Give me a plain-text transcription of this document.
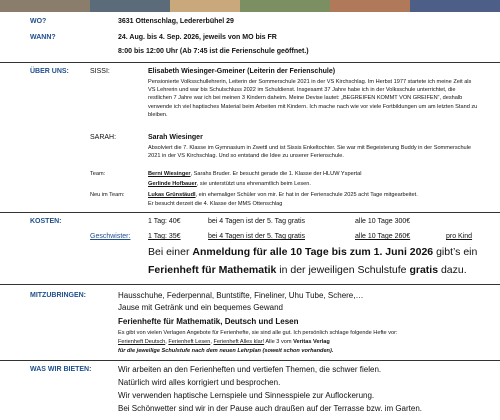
WO?	3631 Ottenschlag, Ledererbühel 29
WANN?	24. Aug. bis 4. Sep. 2026, jeweils von MO bis FR
8:00 bis 12:00 Uhr (Ab 7:45 ist die Ferienschule geöffnet.)
ÜBER UNS:	SISSI:	Elisabeth Wiesinger-Gmeiner (Leiterin der Ferienschule)
Pensionierte Volksschullehrerin, Leiterin der Sommerschule 2021 in der VS Kirchschlag. Im Herbst 1977 startete ich meine Zeit als VS Lehrerin und war bis Schulschluss 2022 im Schuldienst. Insgesamt 37 Jahre habe ich in der Volksschule unterrichtet, die restlichen 7 Jahre war ich bei meinen 3 Kindern daheim. Meine Devise lautet: „BEGREIFEN KOMMT VON GREIFEN“, deshalb verwende ich viel haptisches Material beim Arbeiten mit Kindern. Ich mache nach wie vor viele Fortbildungen um am letzten Stand zu bleiben.
SARAH:	Sarah Wiesinger
Absolviert die 7. Klasse im Gymnasium in Zwettl und ist Sissis Enkeltochter. Sie war mit Begeisterung Buddy in der Sommerschule 2021 in der VS Kirchschlag. Und so entstand die Idee zu unserer Ferienschule.
Team:	Berni Wiesinger, Sarahs Bruder. Er besucht gerade die 1. Klasse der HLUW Yspertal
Gerlinde Hofbauer, sie unterstützt uns ehrenamtlich beim Lesen.
Neu im Team:	Lukas Grünstäudl, ein ehemaliger Schüler von mir. Er hat in der Ferienschule 2025 acht Tage mitgearbeitet.
Er besucht derzeit die 4. Klasse der MMS Ottenschlag
KOSTEN:	1 Tag: 40€	bei 4 Tagen ist der 5. Tag gratis	alle 10 Tage 300€
Geschwister:	1 Tag: 35€	bei 4 Tagen ist der 5. Tag gratis	alle 10 Tage 260€	pro Kind
Bei einer Anmeldung für alle 10 Tage bis zum 1. Juni 2026 gibt’s ein
Ferienheft für Mathematik in der jeweiligen Schulstufe gratis dazu.
MITZUBRINGEN:	Hausschuhe, Federpennal, Buntstifte, Fineliner, Uhu Tube, Schere,…
Jause mit Getränk und ein bequemes Gewand
Ferienhefte für Mathematik, Deutsch und Lesen
Es gibt von vielen Verlagen Angebote für Ferienhefte, sie sind alle gut. Ich persönlich schlage folgende Hefte vor:
Ferienheft Deutsch, Ferienheft Lesen, Ferienheft Alles klar! Alle 3 vom Veritas Verlag
für die jeweilige Schulstufe nach dem neuen Lehrplan (soweit schon vorhanden).
WAS WIR BIETEN:	Wir arbeiten an den Ferienheften und vertiefen Themen, die schwer fielen.
Natürlich wird alles korrigiert und besprochen.
Wir verwenden haptische Lernspiele und Sinnesspiele zur Auflockerung.
Bei Schönwetter sind wir in der Pause auch draußen auf der Terrasse bzw. im Garten.
